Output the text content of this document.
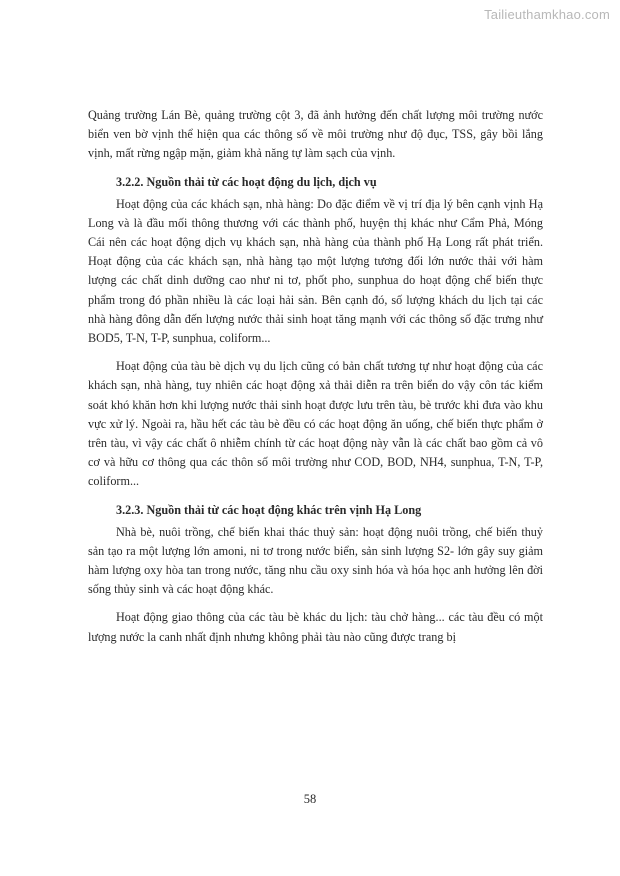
Tailieuthamkhao.com

Quảng trường Lán Bè, quảng trường cột 3, đã ảnh hưởng đến chất lượng môi trường nước biển ven bờ vịnh thể hiện qua các thông số về môi trường như độ đục, TSS, gây bồi lắng vịnh, mất rừng ngập mặn, giảm khả năng tự làm sạch của vịnh.

3.2.2. Nguồn thải từ các hoạt động du lịch, dịch vụ

Hoạt động của các khách sạn, nhà hàng: Do đặc điểm về vị trí địa lý bên cạnh vịnh Hạ Long và là đầu mối thông thương với các thành phố, huyện thị khác như Cẩm Phả, Móng Cái nên các hoạt động dịch vụ khách sạn, nhà hàng của thành phố Hạ Long rất phát triển. Hoạt động của các khách sạn, nhà hàng tạo một lượng tương đối lớn nước thải với hàm lượng các chất dinh dưỡng cao như ni tơ, phốt pho, sunphua do hoạt động chế biến thực phẩm trong đó phần nhiều là các loại hải sản. Bên cạnh đó, số lượng khách du lịch tại các nhà hàng đông dẫn đến lượng nước thải sinh hoạt tăng mạnh với các thông số đặc trưng như BOD5, T-N, T-P, sunphua, coliform...

Hoạt động của tàu bè dịch vụ du lịch cũng có bản chất tương tự như hoạt động của các khách sạn, nhà hàng, tuy nhiên các hoạt động xả thải diễn ra trên biển do vậy côn tác kiểm soát khó khăn hơn khi lượng nước thải sinh hoạt được lưu trên tàu, bè trước khi đưa vào khu vực xử lý. Ngoài ra, hầu hết các tàu bè đều có các hoạt động ăn uống, chế biến thực phẩm ở trên tàu, vì vậy các chất ô nhiễm chính từ các hoạt động này vẫn là các chất bao gồm cả vô cơ và hữu cơ thông qua các thôn số môi trường như COD, BOD, NH4, sunphua, T-N, T-P, coliform...

3.2.3. Nguồn thải từ các hoạt động khác trên vịnh Hạ Long

Nhà bè, nuôi trồng, chế biến khai thác thuỷ sản: hoạt động nuôi trồng, chế biến thuỷ sản tạo ra một lượng lớn amoni, ni tơ trong nước biển, sản sinh lượng S2- lớn gây suy giảm hàm lượng oxy hòa tan trong nước, tăng nhu cầu oxy sinh hóa và hóa học anh hưởng lên đời sống thủy sinh và các hoạt động khác.

Hoạt động giao thông của các tàu bè khác du lịch: tàu chở hàng... các tàu đều có một lượng nước la canh nhất định nhưng không phải tàu nào cũng được trang bị

58
